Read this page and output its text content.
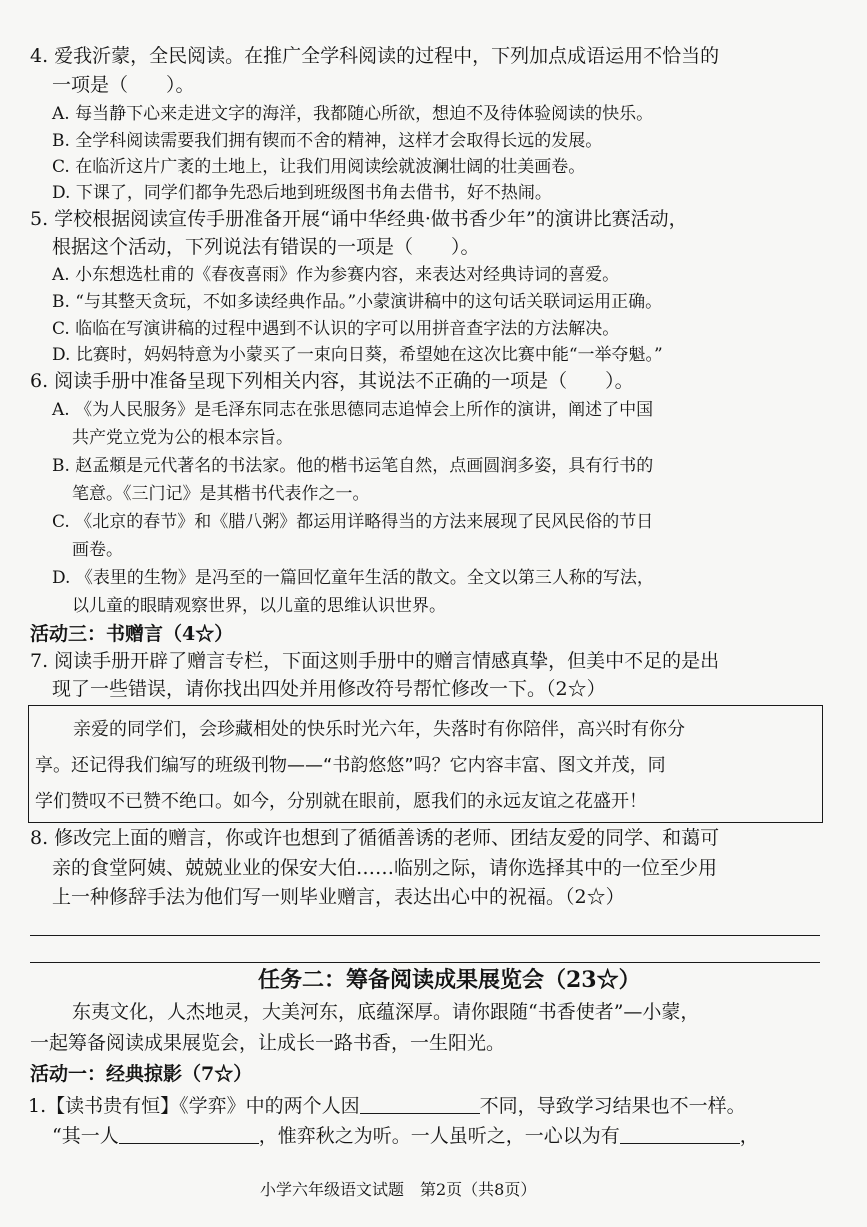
4. 爱我沂蒙，全民阅读。在推广全学科阅读的过程中，下列加点成语运用不恰当的
一项是（　　）。
A. 每当静下心来走进文字的海洋，我都随心所欲，想迫不及待体验阅读的快乐。
B. 全学科阅读需要我们拥有锲而不舍的精神，这样才会取得长远的发展。
C. 在临沂这片广袤的土地上，让我们用阅读绘就波澜壮阔的壮美画卷。
D. 下课了，同学们都争先恐后地到班级图书角去借书，好不热闹。
5. 学校根据阅读宣传手册准备开展“诵中华经典·做书香少年”的演讲比赛活动，
根据这个活动，下列说法有错误的一项是（　　）。
A. 小东想选杜甫的《春夜喜雨》作为参赛内容，来表达对经典诗词的喜爱。
B. “与其整天贪玩，不如多读经典作品。”小蒙演讲稿中的这句话关联词运用正确。
C. 临临在写演讲稿的过程中遇到不认识的字可以用拼音查字法的方法解决。
D. 比赛时，妈妈特意为小蒙买了一束向日葵，希望她在这次比赛中能“一举夺魁。”
6. 阅读手册中准备呈现下列相关内容，其说法不正确的一项是（　　）。
A. 《为人民服务》是毛泽东同志在张思德同志追悼会上所作的演讲，阐述了中国
共产党立党为公的根本宗旨。
B. 赵孟頫是元代著名的书法家。他的楷书运笔自然，点画圆润多姿，具有行书的
笔意。《三门记》是其楷书代表作之一。
C. 《北京的春节》和《腊八粥》都运用详略得当的方法来展现了民风民俗的节日
画卷。
D. 《表里的生物》是冯至的一篇回忆童年生活的散文。全文以第三人称的写法，
以儿童的眼睛观察世界，以儿童的思维认识世界。
活动三：书赠言（4☆）
7. 阅读手册开辟了赠言专栏，下面这则手册中的赠言情感真挚，但美中不足的是出
现了一些错误，请你找出四处并用修改符号帮忙修改一下。（2☆）
亲爱的同学们，会珍藏相处的快乐时光六年，失落时有你陪伴，高兴时有你分
享。还记得我们编写的班级刊物——“书韵悠悠”吗？它内容丰富、图文并茂，同
学们赞叹不已赞不绝口。如今，分别就在眼前，愿我们的永远友谊之花盛开！
8. 修改完上面的赠言，你或许也想到了循循善诱的老师、团结友爱的同学、和蔼可
亲的食堂阿姨、兢兢业业的保安大伯……临别之际，请你选择其中的一位至少用
上一种修辞手法为他们写一则毕业赠言，表达出心中的祝福。（2☆）
任务二：筹备阅读成果展览会（23☆）
东夷文化，人杰地灵，大美河东，底蕴深厚。请你跟随“书香使者”—小蒙，
一起筹备阅读成果展览会，让成长一路书香，一生阳光。
活动一：经典掠影（7☆）
1.【读书贵有恒】《学弈》中的两个人因	不同，导致学习结果也不一样。
“其一人	，惟弈秋之为听。一人虽听之，一心以为有	，
小学六年级语文试题　第2页（共8页）
